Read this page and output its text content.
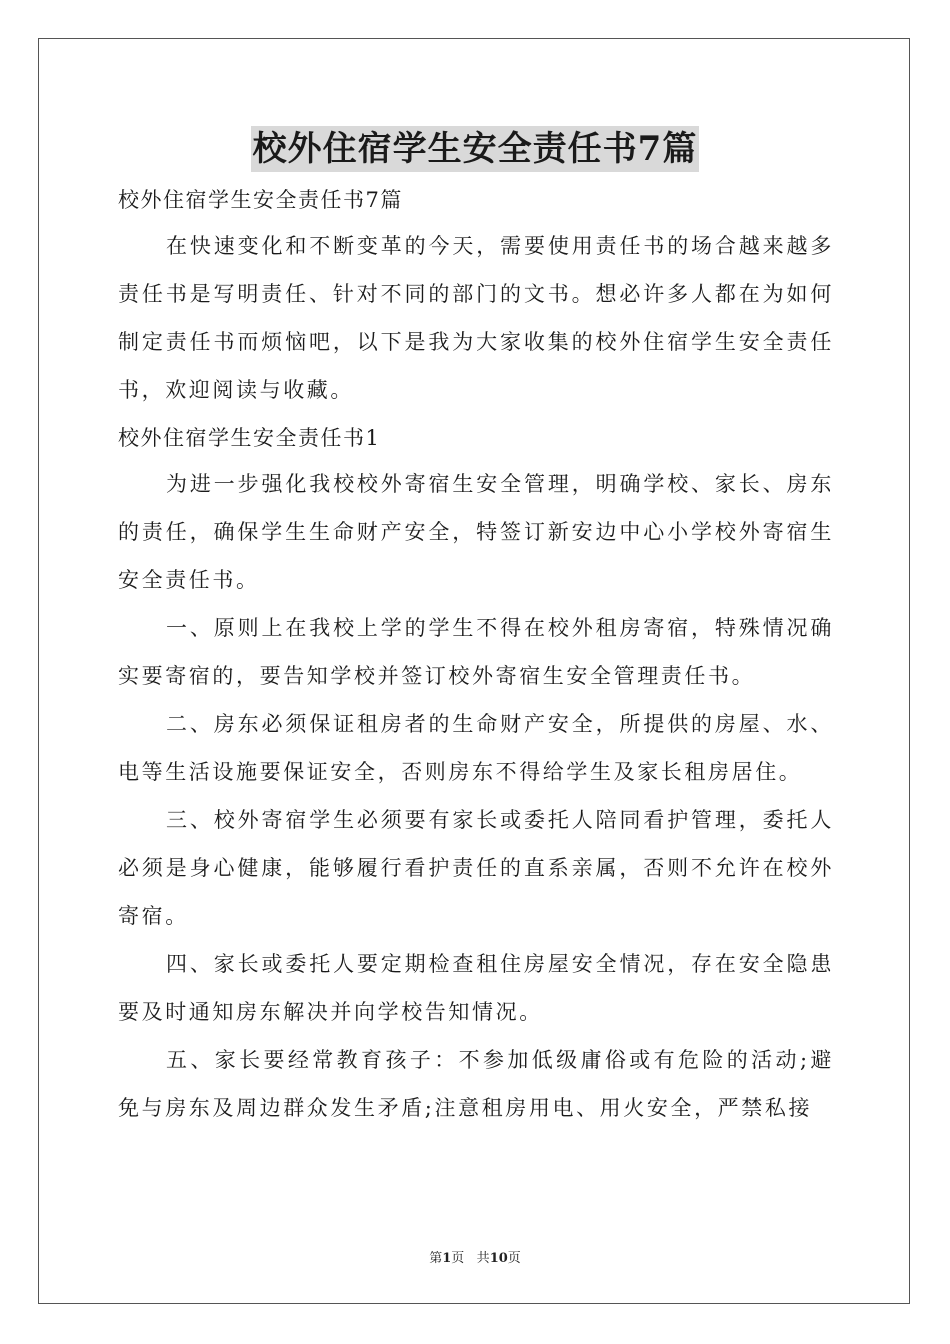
校外住宿学生安全责任书7篇

校外住宿学生安全责任书7篇

在快速变化和不断变革的今天，需要使用责任书的场合越来越多责任书是写明责任、针对不同的部门的文书。想必许多人都在为如何制定责任书而烦恼吧，以下是我为大家收集的校外住宿学生安全责任书，欢迎阅读与收藏。

校外住宿学生安全责任书1

为进一步强化我校校外寄宿生安全管理，明确学校、家长、房东的责任，确保学生生命财产安全，特签订新安边中心小学校外寄宿生安全责任书。

一、原则上在我校上学的学生不得在校外租房寄宿，特殊情况确实要寄宿的，要告知学校并签订校外寄宿生安全管理责任书。

二、房东必须保证租房者的生命财产安全，所提供的房屋、水、电等生活设施要保证安全，否则房东不得给学生及家长租房居住。

三、校外寄宿学生必须要有家长或委托人陪同看护管理，委托人必须是身心健康，能够履行看护责任的直系亲属，否则不允许在校外寄宿。

四、家长或委托人要定期检查租住房屋安全情况，存在安全隐患要及时通知房东解决并向学校告知情况。

五、家长要经常教育孩子：不参加低级庸俗或有危险的活动;避免与房东及周边群众发生矛盾;注意租房用电、用火安全，严禁私接

第1页 共10页
